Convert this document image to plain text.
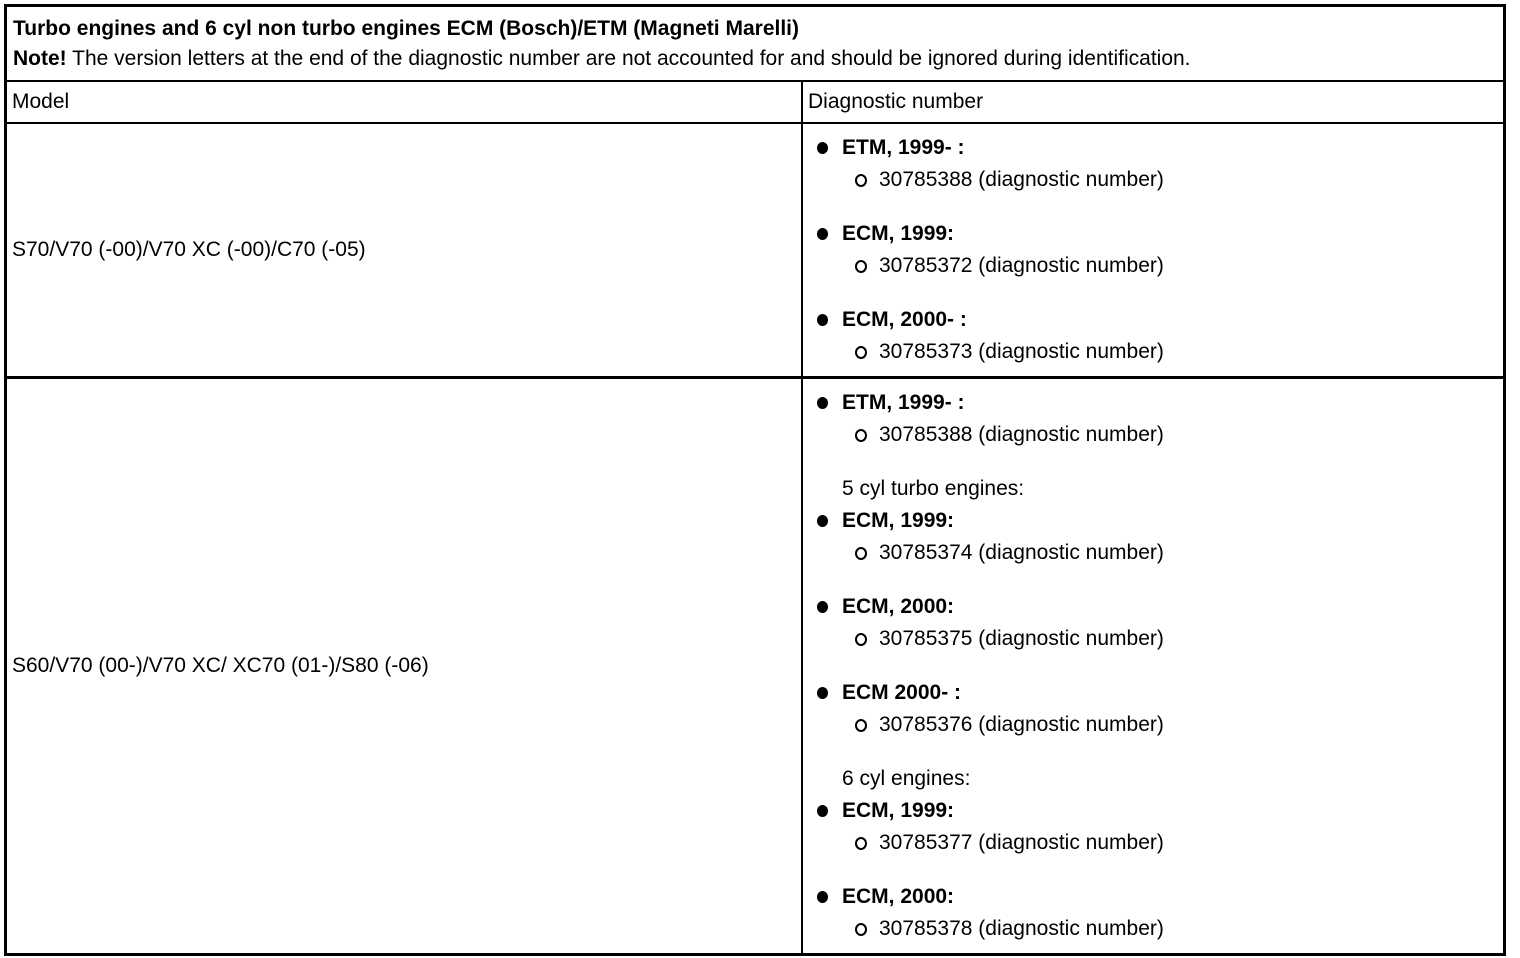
Turbo engines and 6 cyl non turbo engines ECM (Bosch)/ETM (Magneti Marelli)
Note! The version letters at the end of the diagnostic number are not accounted for and should be ignored during identification.
Model	Diagnostic number
S70/V70 (-00)/V70 XC (-00)/C70 (-05)
ETM, 1999- :
30785388 (diagnostic number)
ECM, 1999:
30785372 (diagnostic number)
ECM, 2000- :
30785373 (diagnostic number)
S60/V70 (00-)/V70 XC/ XC70 (01-)/S80 (-06)
ETM, 1999- :
30785388 (diagnostic number)
5 cyl turbo engines:
ECM, 1999:
30785374 (diagnostic number)
ECM, 2000:
30785375 (diagnostic number)
ECM 2000- :
30785376 (diagnostic number)
6 cyl engines:
ECM, 1999:
30785377 (diagnostic number)
ECM, 2000:
30785378 (diagnostic number)
